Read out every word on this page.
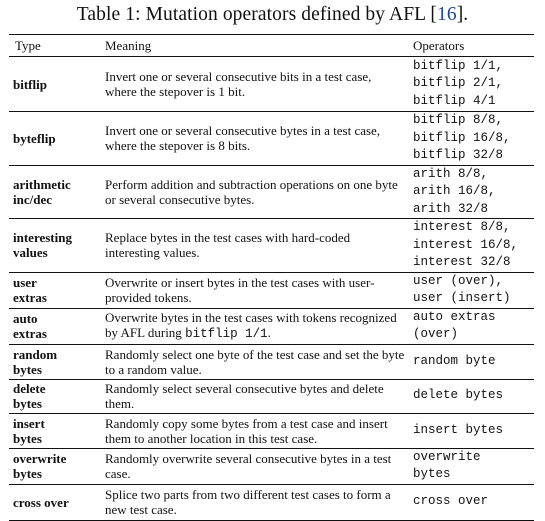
Table 1: Mutation operators defined by AFL [16].
Type	Meaning	Operators
bitflip	Invert one or several consecutive bits in a test case, where the stepover is 1 bit.	bitflip 1/1,
bitflip 2/1,
bitflip 4/1
byteflip	Invert one or several consecutive bytes in a test case, where the stepover is 8 bits.	bitflip 8/8,
bitflip 16/8,
bitflip 32/8
arithmetic
inc/dec	Perform addition and subtraction operations on one byte or several consecutive bytes.	arith 8/8,
arith 16/8,
arith 32/8
interesting
values	Replace bytes in the test cases with hard-coded interesting values.	interest 8/8,
interest 16/8,
interest 32/8
user
extras	Overwrite or insert bytes in the test cases with user-provided tokens.	user (over),
user (insert)
auto
extras	Overwrite bytes in the test cases with tokens recognized by AFL during bitflip 1/1.	auto extras
(over)
random
bytes	Randomly select one byte of the test case and set the byte to a random value.	random byte
delete
bytes	Randomly select several consecutive bytes and delete them.	delete bytes
insert
bytes	Randomly copy some bytes from a test case and insert them to another location in this test case.	insert bytes
overwrite
bytes	Randomly overwrite several consecutive bytes in a test case.	overwrite
bytes
cross over	Splice two parts from two different test cases to form a new test case.	cross over
